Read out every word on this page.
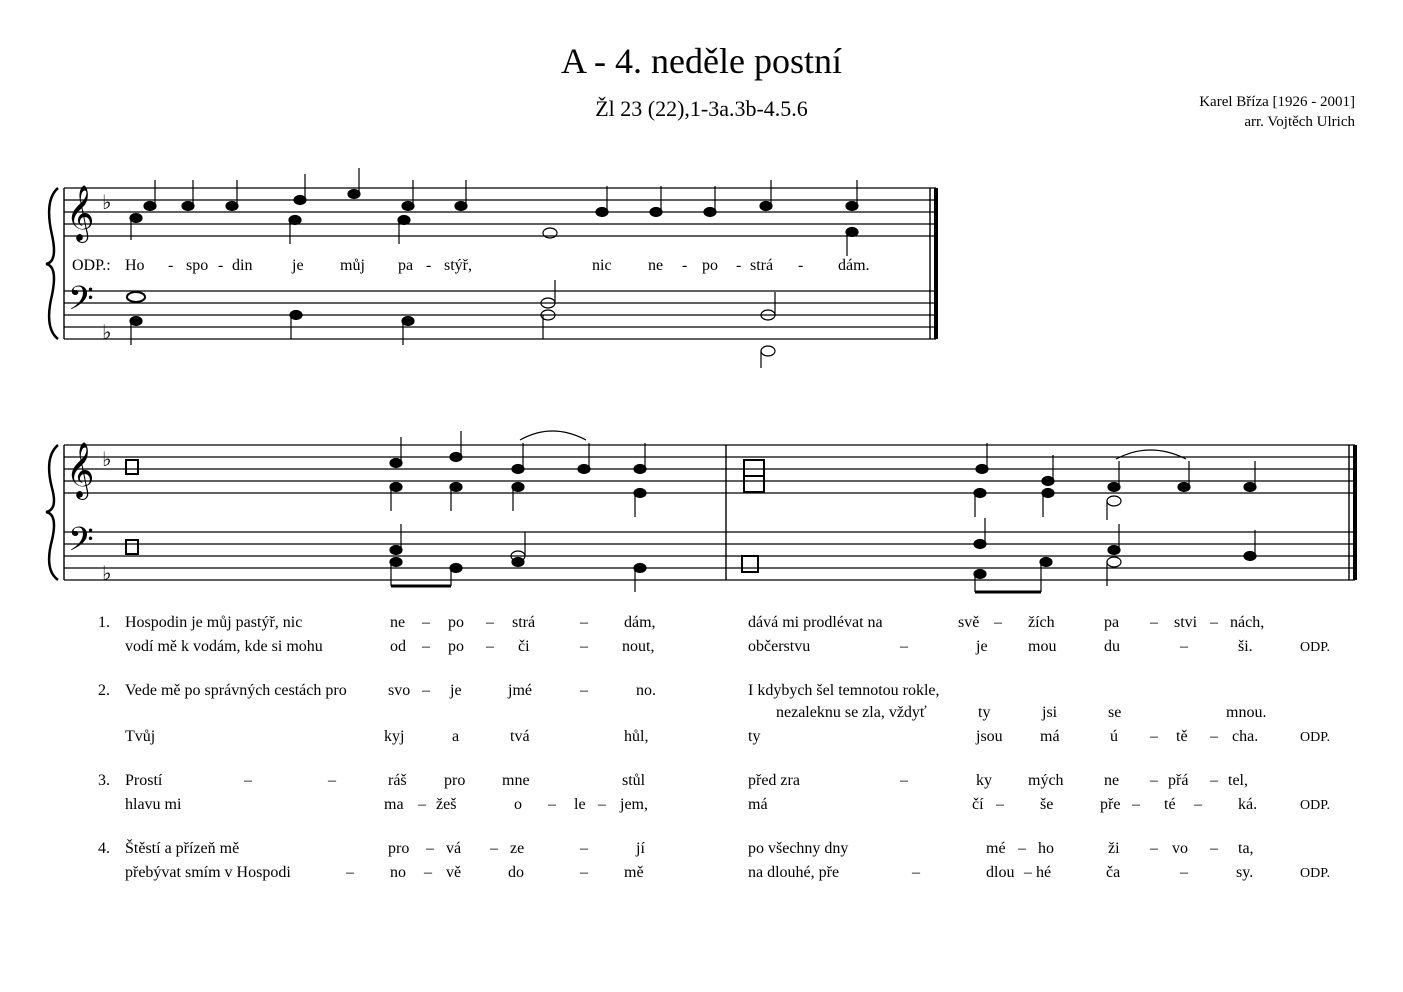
A - 4. neděle postní
Žl 23 (22),1-3a.3b-4.5.6	Karel Bříza [1926 - 2001]
arr. Vojtěch Ulrich
𝄞
𝄢
𝄞
𝄢
♭
♭
♭
♭
ODP.: Ho - spo - din je můj pa - stýř,	nic ne - po - strá - dám.
1. Hospodin je můj pastýř, nic	ne – po – strá	– dám,	dává mi prodlévat na	svě – žích	pa – stvi – nách,
vodí mě k vodám, kde si mohu	od – po – či	– nout,	občerstvu	–	je	mou	du	–	ši.	ODP.
2. Vede mě po správných cestách pro	svo – je	jmé	–	no.	I kdybych šel temnotou rokle,
nezaleknu se zla, vždyť	ty	jsi	se	mnou.
Tvůj	kyj	a	tvá	hůl,	ty	jsou má	ú – tě – cha.	ODP.
3. Prostí	–	–	ráš pro mne	stůl	před zra	–	ky mých	ne – přá – tel,
hlavu mi	ma – žeš	o – le – jem,	má	čí – še	pře – té – ká.	ODP.
4. Štěstí a přízeň mě	pro – vá – ze	–	jí	po všechny dny	mé – ho	ži – vo – ta,
přebývat smím v Hospodi	– no – vě	do	– mě	na dlouhé, pře	–	dlou – hé	ča	–	sy.	ODP.
